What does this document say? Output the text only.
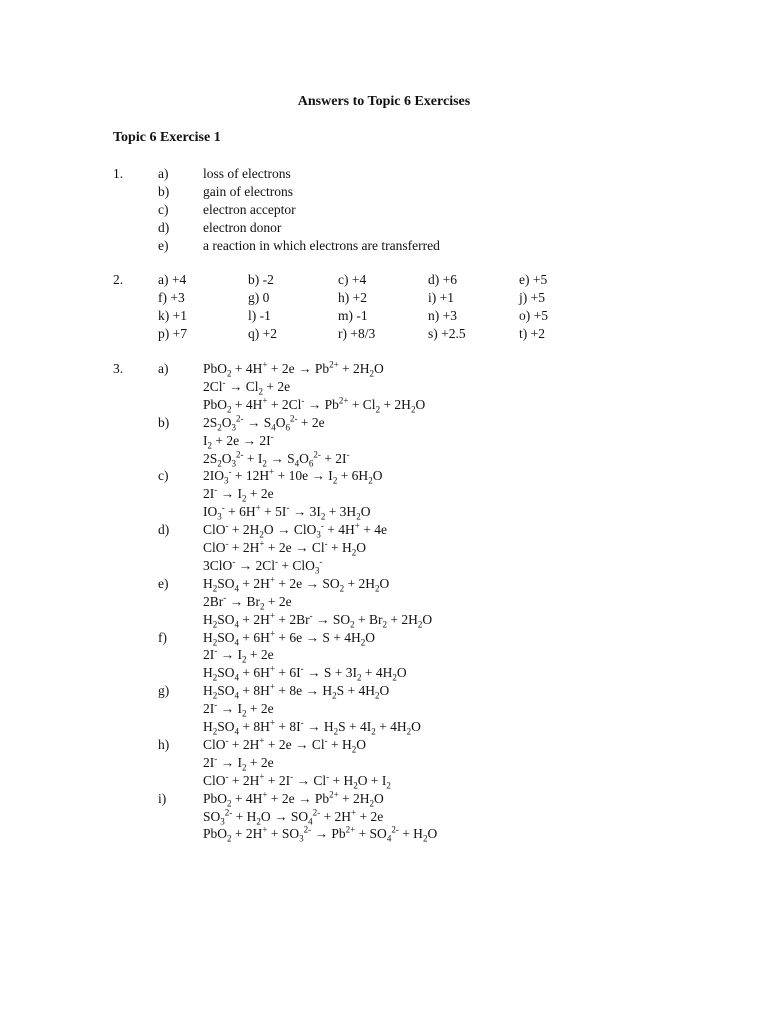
Answers to Topic 6 Exercises
Topic 6 Exercise 1
1.	a)	loss of electrons
b)	gain of electrons
c)	electron acceptor
d)	electron donor
e)	a reaction in which electrons are transferred
2.	a) +4	b) -2	c) +4	d) +6	e) +5
f) +3	g) 0	h) +2	i) +1	j) +5
k) +1	l) -1	m) -1	n) +3	o) +5
p) +7	q) +2	r) +8/3	s) +2.5	t) +2
3.	a)	$PbO_2 + 4H^+ + 2e \to Pb^{2+} + 2H_2O$
$2Cl^- \to Cl_2 + 2e$
$PbO_2 + 4H^+ + 2Cl^- \to Pb^{2+} + Cl_2 + 2H_2O$
b)	$2S_2O_3^{2-} \to S_4O_6^{2-} + 2e$
$I_2 + 2e \to 2I^-$
$2S_2O_3^{2-} + I_2 \to S_4O_6^{2-} + 2I^-$
c)	$2IO_3^- + 12H^+ + 10e \to I_2 + 6H_2O$
$2I^- \to I_2 + 2e$
$IO_3^- + 6H^+ + 5I^- \to 3I_2 + 3H_2O$
d)	$ClO^- + 2H_2O \to ClO_3^- + 4H^+ + 4e$
$ClO^- + 2H^+ + 2e \to Cl^- + H_2O$
3ClO- → 2Cl- + ClO$_3$-
e)	$H_2SO_4 + 2H^+ + 2e \to SO_2 + 2H_2O$
$2Br^- \to Br_2 + 2e$
$H_2SO_4 + 2H^+ + 2Br^- \to SO_2 + Br_2 + 2H_2O$
f)	$H_2SO_4 + 6H^+ + 6e \to S + 4H_2O$
$2I^- \to I_2 + 2e$
$H_2SO_4 + 6H^+ + 6I^- \to S + 3I_2 + 4H_2O$
g)	$H_2SO_4 + 8H^+ + 8e \to H_2S + 4H_2O$
$2I^- \to I_2 + 2e$
$H_2SO_4 + 8H^+ + 8I^- \to H_2S + 4I_2 + 4H_2O$
h)	$ClO^- + 2H^+ + 2e \to Cl^- + H_2O$
$2I^- \to I_2 + 2e$
$ClO^- + 2H^+ + 2I^- \to Cl^- + H_2O + I_2$
i)	$PbO_2 + 4H^+ + 2e \to Pb^{2+} + 2H_2O$
$SO_3^{2-} + H_2O \to SO_4^{2-} + 2H^+ + 2e$
$PbO_2 + 2H^+ + SO_3^{2-} \to Pb^{2+} + SO_4^{2-} + H_2O$
